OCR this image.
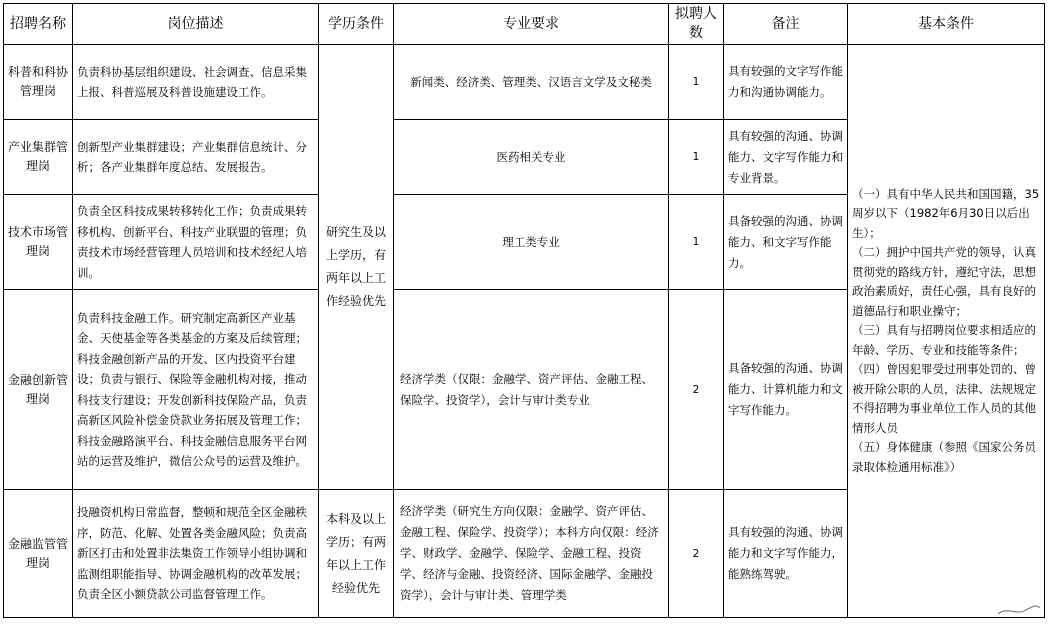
招聘名称	岗位描述	学历条件	专业要求	拟聘人数	备注	基本条件
科普和科协管理岗	负责科协基层组织建设、社会调查、信息采集上报、科普巡展及科普设施建设工作。	研究生及以上学历，有两年以上工作经验优先	新闻类、经济类、管理类、汉语言文学及文秘类	1	具有较强的文字写作能力和沟通协调能力。	（一）具有中华人民共和国国籍，35周岁以下（1982年6月30日以后出生）；
（二）拥护中国共产党的领导，认真贯彻党的路线方针，遵纪守法，思想政治素质好，责任心强，具有良好的道德品行和职业操守；
（三）具有与招聘岗位要求相适应的年龄、学历、专业和技能等条件；
（四）曾因犯罪受过刑事处罚的、曾被开除公职的人员，法律、法规规定不得招聘为事业单位工作人员的其他情形人员
（五）身体健康（参照《国家公务员录取体检通用标准》）

产业集群管理岗	创新型产业集群建设；产业集群信息统计、分析；各产业集群年度总结、发展报告。		医药相关专业	1	具有较强的沟通、协调能力、文字写作能力和专业背景。	
技术市场管理岗	负责全区科技成果转移转化工作；负责成果转移机构、创新平台、科技产业联盟的管理；负责技术市场经营管理人员培训和技术经纪人培训。		理工类专业	1	具备较强的沟通、协调能力、和文字写作能力。	
金融创新管理岗	负责科技金融工作。研究制定高新区产业基金、天使基金等各类基金的方案及后续管理；科技金融创新产品的开发、区内投资平台建设；负责与银行、保险等金融机构对接，推动科技支行建设；开发创新科技保险产品，负责高新区风险补偿金贷款业务拓展及管理工作；科技金融路演平台、科技金融信息服务平台网站的运营及维护，微信公众号的运营及维护。		经济学类（仅限：金融学、资产评估、金融工程、保险学、投资学），会计与审计类专业	2	具备较强的沟通、协调能力、计算机能力和文字写作能力。	
金融监管管理岗	投融资机构日常监督，整顿和规范全区金融秩序，防范、化解、处置各类金融风险；负责高新区打击和处置非法集资工作领导小组协调和监测组职能指导、协调金融机构的改革发展；负责全区小额贷款公司监督管理工作。	本科及以上学历；有两年以上工作经验优先	经济学类（研究生方向仅限：金融学、资产评估、金融工程、保险学、投资学）；本科方向仅限：经济学、财政学、金融学、保险学、金融工程、投资学、经济与金融、投资经济、国际金融学、金融投资学），会计与审计类、管理学类	2	具有较强的沟通、协调能力和文字写作能力，能熟练驾驶。	
